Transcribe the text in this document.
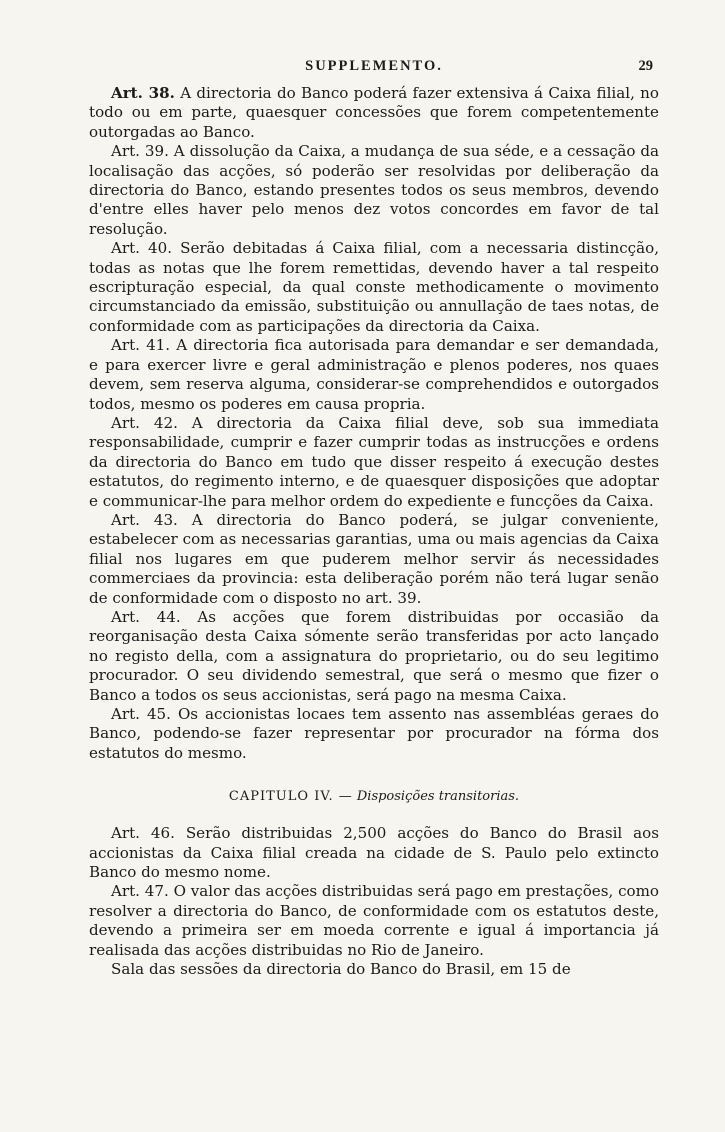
SUPPLEMENTO.	29

Art. 38. A directoria do Banco poderá fazer extensiva á Caixa filial, no todo ou em parte, quaesquer concessões que forem competentemente outorgadas ao Banco.

Art. 39. A dissolução da Caixa, a mudança de sua séde, e a cessação da localisação das acções, só poderão ser resolvidas por deliberação da directoria do Banco, estando presentes todos os seus membros, devendo d'entre elles haver pelo menos dez votos concordes em favor de tal resolução.

Art. 40. Serão debitadas á Caixa filial, com a necessaria distincção, todas as notas que lhe forem remettidas, devendo haver a tal respeito escripturação especial, da qual conste methodicamente o movimento circumstanciado da emissão, substituição ou annullação de taes notas, de conformidade com as participações da directoria da Caixa.

Art. 41. A directoria fica autorisada para demandar e ser demandada, e para exercer livre e geral administração e plenos poderes, nos quaes devem, sem reserva alguma, considerar-se comprehendidos e outorgados todos, mesmo os poderes em causa propria.

Art. 42. A directoria da Caixa filial deve, sob sua immediata responsabilidade, cumprir e fazer cumprir todas as instrucções e ordens da directoria do Banco em tudo que disser respeito á execução destes estatutos, do regimento interno, e de quaesquer disposições que adoptar e communicar-lhe para melhor ordem do expediente e funcções da Caixa.

Art. 43. A directoria do Banco poderá, se julgar conveniente, estabelecer com as necessarias garantias, uma ou mais agencias da Caixa filial nos lugares em que puderem melhor servir ás necessidades commerciaes da provincia: esta deliberação porém não terá lugar senão de conformidade com o disposto no art. 39.

Art. 44. As acções que forem distribuidas por occasião da reorganisação desta Caixa sómente serão transferidas por acto lançado no registo della, com a assignatura do proprietario, ou do seu legitimo procurador. O seu dividendo semestral, que será o mesmo que fizer o Banco a todos os seus accionistas, será pago na mesma Caixa.

Art. 45. Os accionistas locaes tem assento nas assembléas geraes do Banco, podendo-se fazer representar por procurador na fórma dos estatutos do mesmo.

CAPITULO IV. — Disposições transitorias.

Art. 46. Serão distribuidas 2,500 acções do Banco do Brasil aos accionistas da Caixa filial creada na cidade de S. Paulo pelo extincto Banco do mesmo nome.

Art. 47. O valor das acções distribuidas será pago em prestações, como resolver a directoria do Banco, de conformidade com os estatutos deste, devendo a primeira ser em moeda corrente e igual á importancia já realisada das acções distribuidas no Rio de Janeiro.

Sala das sessões da directoria do Banco do Brasil, em 15 de
